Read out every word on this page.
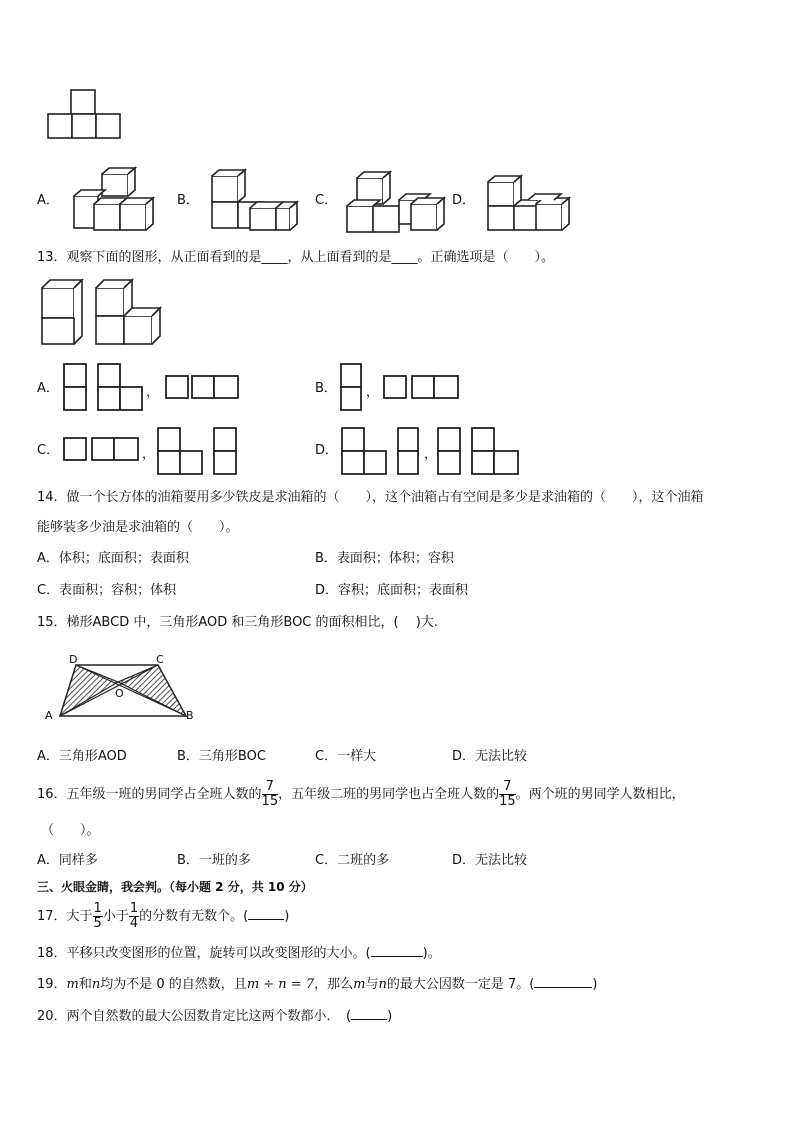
A．	B．	C．	D．
13．观察下面的图形，从正面看到的是____，从上面看到的是____。正确选项是（　　）。
A．	，	B． ，
C．	，	D．	，
14．做一个长方体的油箱要用多少铁皮是求油箱的（　　），这个油箱占有空间是多少是求油箱的（　　），这个油箱
能够装多少油是求油箱的（　　）。
A．体积；底面积；表面积	B．表面积；体积；容积
C．表面积；容积；体积	D．容积；底面积；表面积
15．梯形ABCD 中，三角形AOD 和三角形BOC 的面积相比，(　 )大.
D	C
O
A	B
A．三角形AOD	B．三角形BOC	C．一样大	D．无法比较
16．五年级一班的男同学占全班人数的 $\frac{7}{15}$ ，五年级二班的男同学也占全班人数的 $\frac{7}{15}$ 。两个班的男同学人数相比，
（　　）。
A．同样多	B．一班的多	C．二班的多	D．无法比较
三、火眼金睛，我会判。（每小题 2 分，共 10 分）
17．大于 $\frac{1}{5}$ 小于 $\frac{1}{4}$ 的分数有无数个。(	)
18．平移只改变图形的位置，旋转可以改变图形的大小。(	)。
19．m和n均为不是 0 的自然数，且m ÷ n = 7，那么m与n的最大公因数一定是 7。(	)
20．两个自然数的最大公因数肯定比这两个数都小．　(	)
